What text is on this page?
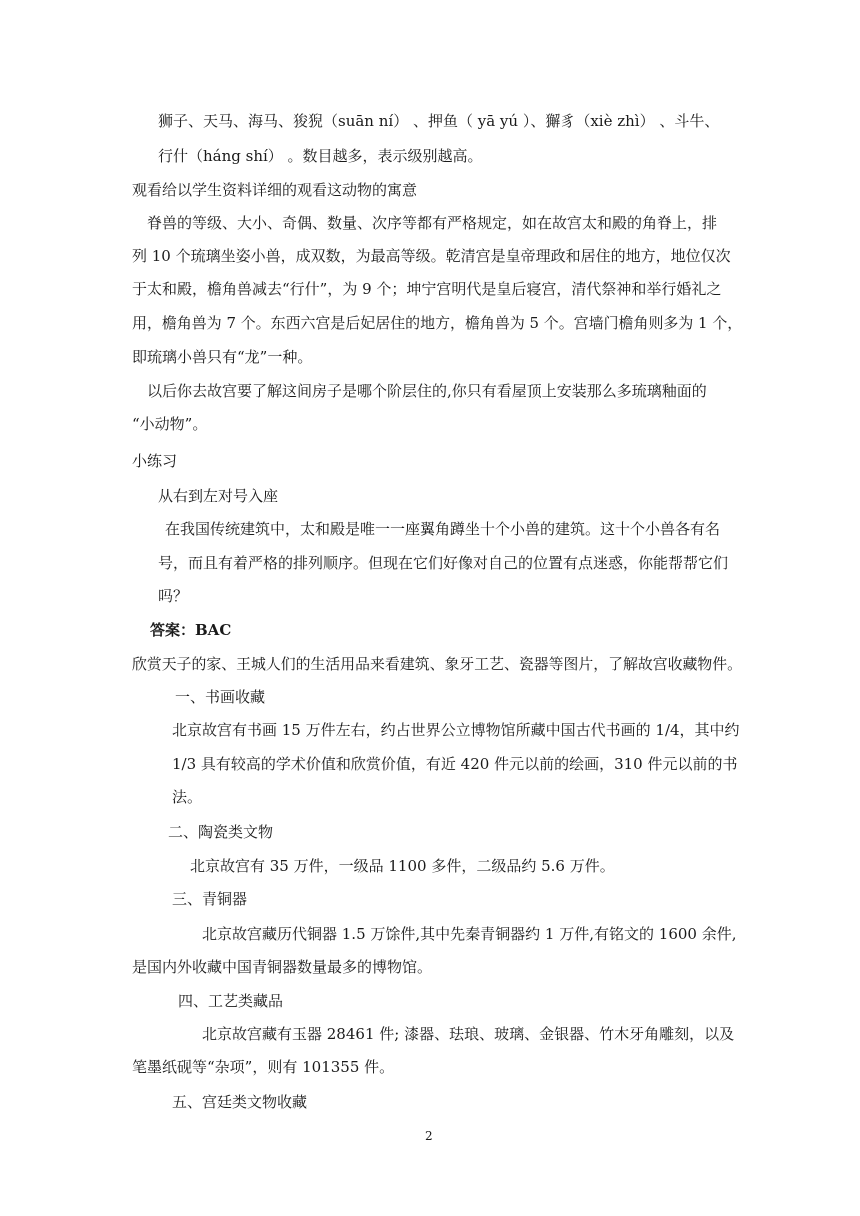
狮子、天马、海马、狻猊（suān ní） 、押鱼（ yā yú ）、獬豸（xiè zhì） 、斗牛、
行什（háng shí） 。数目越多，表示级别越高。
观看给以学生资料详细的观看这动物的寓意
脊兽的等级、大小、奇偶、数量、次序等都有严格规定，如在故宫太和殿的角脊上，排
列 10 个琉璃坐姿小兽，成双数，为最高等级。乾清宫是皇帝理政和居住的地方，地位仅次
于太和殿，檐角兽减去“行什”，为 9 个；坤宁宫明代是皇后寝宫，清代祭神和举行婚礼之
用，檐角兽为 7 个。东西六宫是后妃居住的地方，檐角兽为 5 个。宫墙门檐角则多为 1 个，
即琉璃小兽只有“龙”一种。
以后你去故宫要了解这间房子是哪个阶层住的,你只有看屋顶上安装那么多琉璃釉面的
“小动物”。
小练习
从右到左对号入座
在我国传统建筑中，太和殿是唯一一座翼角蹲坐十个小兽的建筑。这十个小兽各有名
号，而且有着严格的排列顺序。但现在它们好像对自己的位置有点迷惑，你能帮帮它们
吗？
答案：BAC
欣赏天子的家、王城人们的生活用品来看建筑、象牙工艺、瓷器等图片，了解故宫收藏物件。
一、书画收藏
北京故宫有书画 15 万件左右，约占世界公立博物馆所藏中国古代书画的 1/4，其中约
1/3 具有较高的学术价值和欣赏价值，有近 420 件元以前的绘画，310 件元以前的书
法。
二、陶瓷类文物
北京故宫有 35 万件，一级品 1100 多件，二级品约 5.6 万件。
三、青铜器
北京故宫藏历代铜器 1.5 万馀件,其中先秦青铜器约 1 万件,有铭文的 1600 余件,
是国内外收藏中国青铜器数量最多的博物馆。
四、工艺类藏品
北京故宫藏有玉器 28461 件; 漆器、珐琅、玻璃、金银器、竹木牙角雕刻，以及
笔墨纸砚等“杂项”，则有 101355 件。
五、宫廷类文物收藏
2
